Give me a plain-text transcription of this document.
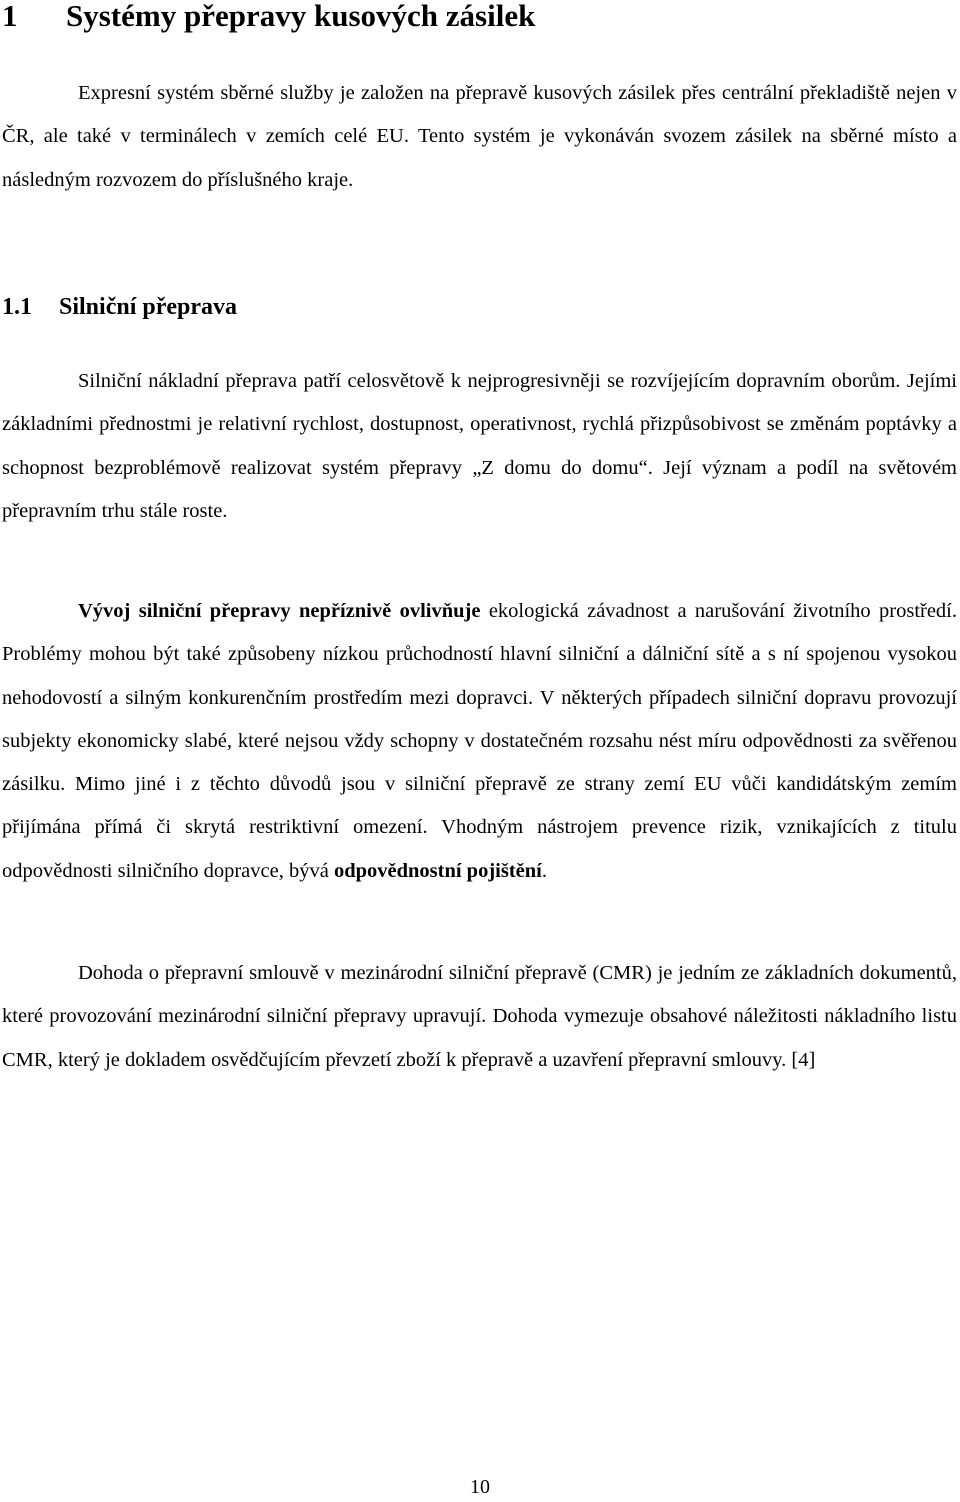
1 Systémy přepravy kusových zásilek

Expresní systém sběrné služby je založen na přepravě kusových zásilek přes centrální překladiště nejen v ČR, ale také v terminálech v zemích celé EU. Tento systém je vykonáván svozem zásilek na sběrné místo a následným rozvozem do příslušného kraje.

1.1 Silniční přeprava

Silniční nákladní přeprava patří celosvětově k nejprogresivněji se rozvíjejícím dopravním oborům. Jejími základními přednostmi je relativní rychlost, dostupnost, operativnost, rychlá přizpůsobivost se změnám poptávky a schopnost bezproblémově realizovat systém přepravy „Z domu do domu“. Její význam a podíl na světovém přepravním trhu stále roste.

Vývoj silniční přepravy nepříznivě ovlivňuje ekologická závadnost a narušování životního prostředí. Problémy mohou být také způsobeny nízkou průchodností hlavní silniční a dálniční sítě a s ní spojenou vysokou nehodovostí a silným konkurenčním prostředím mezi dopravci. V některých případech silniční dopravu provozují subjekty ekonomicky slabé, které nejsou vždy schopny v dostatečném rozsahu nést míru odpovědnosti za svěřenou zásilku. Mimo jiné i z těchto důvodů jsou v silniční přepravě ze strany zemí EU vůči kandidátským zemím přijímána přímá či skrytá restriktivní omezení. Vhodným nástrojem prevence rizik, vznikajících z titulu odpovědnosti silničního dopravce, bývá odpovědnostní pojištění.

Dohoda o přepravní smlouvě v mezinárodní silniční přepravě (CMR) je jedním ze základních dokumentů, které provozování mezinárodní silniční přepravy upravují. Dohoda vymezuje obsahové náležitosti nákladního listu CMR, který je dokladem osvědčujícím převzetí zboží k přepravě a uzavření přepravní smlouvy. [4]

10
